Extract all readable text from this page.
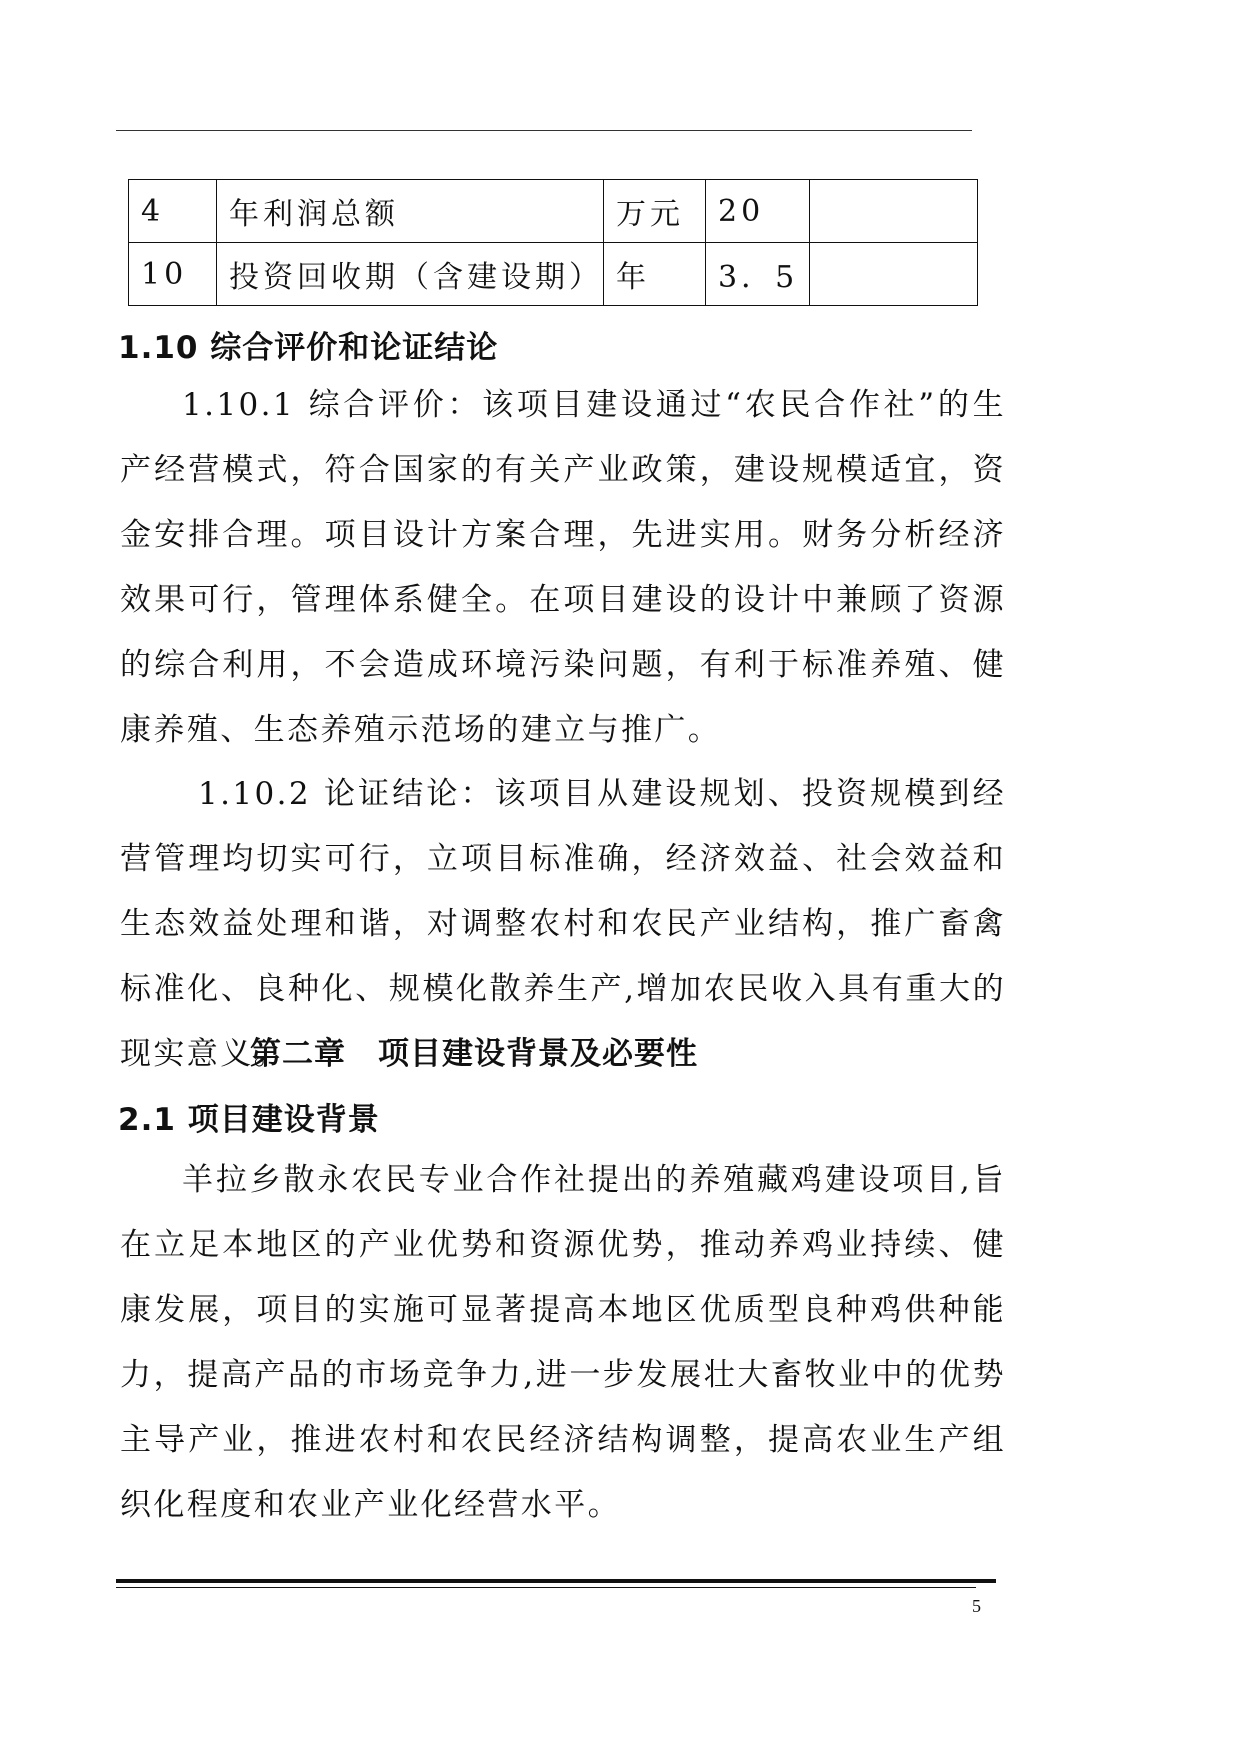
4	年利润总额	万元	20	
10	投资回收期（含建设期）	年	3．5	
1.10 综合评价和论证结论

1.10.1 综合评价：该项目建设通过“农民合作社”的生产经营模式，符合国家的有关产业政策，建设规模适宜，资金安排合理。项目设计方案合理，先进实用。财务分析经济效果可行，管理体系健全。在项目建设的设计中兼顾了资源的综合利用，不会造成环境污染问题，有利于标准养殖、健康养殖、生态养殖示范场的建立与推广。

1.10.2 论证结论：该项目从建设规划、投资规模到经营管理均切实可行，立项目标准确，经济效益、社会效益和生态效益处理和谐，对调整农村和农民产业结构，推广畜禽标准化、良种化、规模化散养生产,增加农民收入具有重大的现实意义。

第二章　项目建设背景及必要性
2.1 项目建设背景

羊拉乡散永农民专业合作社提出的养殖藏鸡建设项目,旨在立足本地区的产业优势和资源优势，推动养鸡业持续、健康发展，项目的实施可显著提高本地区优质型良种鸡供种能力，提高产品的市场竞争力,进一步发展壮大畜牧业中的优势主导产业，推进农村和农民经济结构调整，提高农业生产组织化程度和农业产业化经营水平。

5
